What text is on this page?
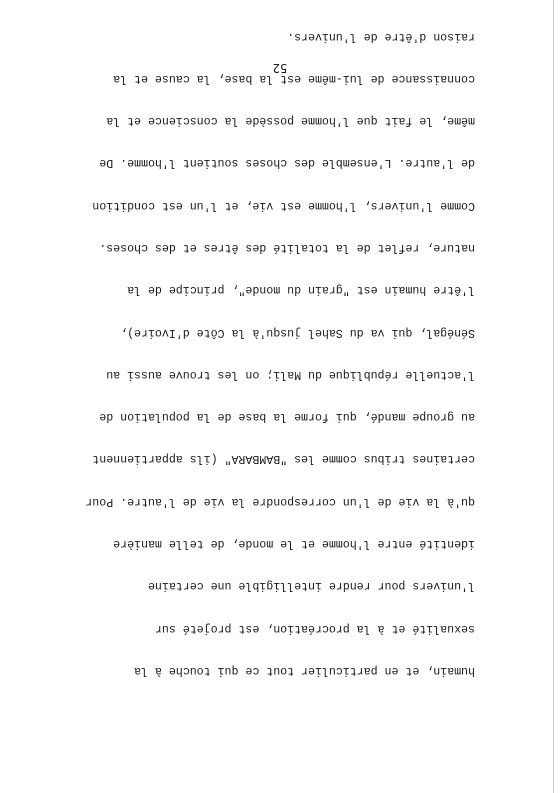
humain, et en particulier tout ce qui touche à la

sexualité et à la procréation, est projeté sur

l'univers pour rendre intelligible une certaine

identité entre l'homme et le monde, de telle manière

qu'à la vie de l'un correspondre la vie de l'autre. Pour

certaines tribus comme les "BAMBARA" (ils appartiennent

au groupe mandé, qui forme la base de la population de

l'actuelle république du Mali; on les trouve aussi au

Sénégal, qui va du Sahel jusqu'à la Côte d'Ivoire),

l'être humain est "grain du monde", principe de la

nature, reflet de la totalité des êtres et des choses.

Comme l'univers, l'homme est vie, et l'un est condition

de l'autre. L'ensemble des choses soutient l'homme. De

même, le fait que l'homme possède la conscience et la

connaissance de lui-même est la base, la cause et la

raison d'être de l'univers.

52
